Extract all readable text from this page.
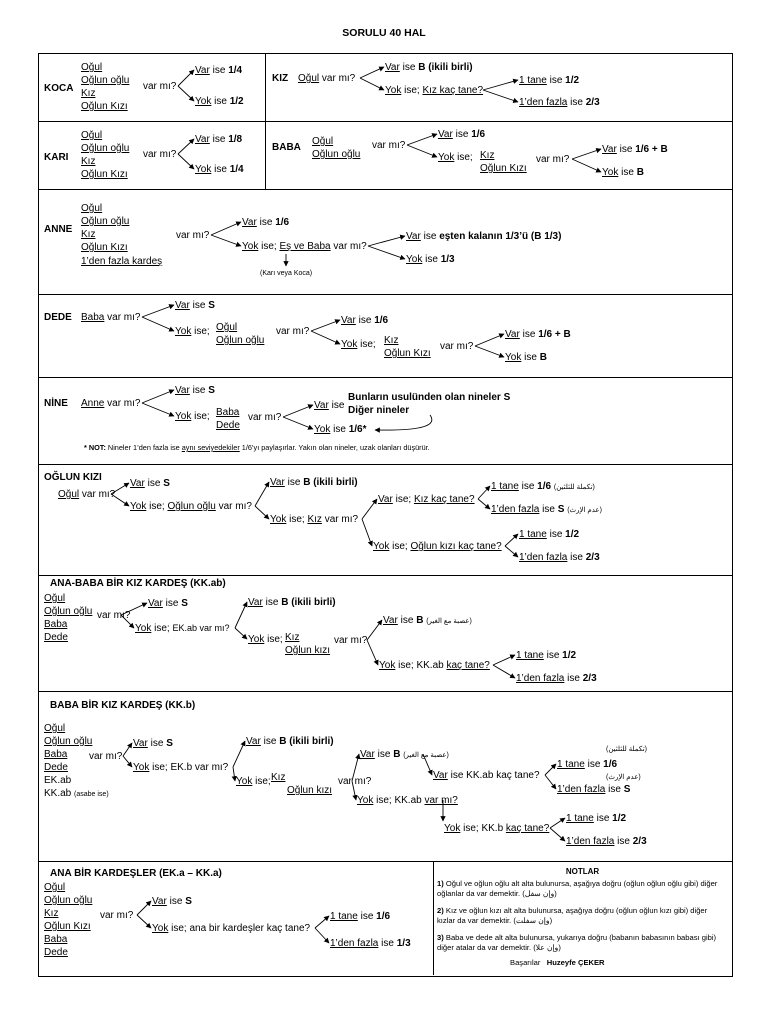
SORULU 40 HAL
KOCA
Oğul
Oğlun oğlu
Kız
Oğlun Kızı
var mı?
Var ise 1/4
Yok ise 1/2
KIZ Oğul var mı?
Var ise B (ikili birli)
Yok ise; Kız kaç tane?
1 tane ise 1/2
1’den fazla ise 2/3
KARI
Oğul
Oğlun oğlu
Kız
Oğlun Kızı
var mı?
Var ise 1/8
Yok ise 1/4
BABA
Oğul
Oğlun oğlu
var mı?
Var ise 1/6
Yok ise; Kız
Oğlun Kızı
var mı?
Var ise 1/6 + B
Yok ise B
ANNE
Oğul
Oğlun oğlu
Kız
Oğlun Kızı
1’den fazla kardeş
var mı?
Var ise 1/6
Yok ise; Eş ve Baba var mı?
(Karı veya Koca)
Var ise eşten kalanın 1/3’ü (B 1/3)
Yok ise 1/3
DEDE Baba var mı?
Var ise S
Yok ise; Oğul
Oğlun oğlu
var mı?
Var ise 1/6
Yok ise; Kız
Oğlun Kızı
var mı?
Var ise 1/6 + B
Yok ise B
NİNE Anne var mı?
Var ise S
Yok ise; Baba
Dede
var mı?
Var ise
Bunların usulünden olan nineler S
Diğer nineler
Yok ise 1/6*
* NOT: Nineler 1’den fazla ise aynı seviyedekiler 1/6’yı paylaşırlar. Yakın olan nineler, uzak olanları düşürür.
OĞLUN KIZI
Oğul var mı?
Var ise S
Yok ise; Oğlun oğlu var mı?
Var ise B (ikili birli)
Yok ise; Kız var mı?
Var ise; Kız kaç tane?
1 tane ise 1/6 (تكملة للثلثين)
1’den fazla ise S (عدم الإرث)
Yok ise; Oğlun kızı kaç tane?
1 tane ise 1/2
1’den fazla ise 2/3
ANA-BABA BİR KIZ KARDEŞ (KK.ab)
Oğul
Oğlun oğlu
Baba
Dede
var mı?
Var ise S
Yok ise; EK.ab var mı?
Var ise B (ikili birli)
Yok ise; Kız
Oğlun kızı
var mı?
Var ise B (عصبة مع الغير)
Yok ise; KK.ab kaç tane?
1 tane ise 1/2
1’den fazla ise 2/3
BABA BİR KIZ KARDEŞ (KK.b)
Oğul
Oğlun oğlu
Baba
Dede
EK.ab
KK.ab (asabe ise)
var mı?
Var ise S
Yok ise; EK.b var mı?
Var ise B (ikili birli)
Yok ise; Kız
Oğlun kızı
var mı?
Var ise B (عصبة مع الغير)
Var ise KK.ab kaç tane?
(تكملة للثلثين)
1 tane ise 1/6
(عدم الإرث)
1’den fazla ise S
Yok ise; KK.ab var mı?
Yok ise; KK.b kaç tane?
1 tane ise 1/2
1’den fazla ise 2/3
ANA BİR KARDEŞLER (EK.a – KK.a)
Oğul
Oğlun oğlu
Kız
Oğlun Kızı
Baba
Dede
var mı?
Var ise S
Yok ise; ana bir kardeşler kaç tane?
1 tane ise 1/6
1’den fazla ise 1/3
NOTLAR
1) Oğul ve oğlun oğlu alt alta bulunursa, aşağıya doğru (oğlun oğlun oğlu gibi) diğer oğlanlar da var demektir. (وإن سفل)
2) Kız ve oğlun kızı alt alta bulunursa, aşağıya doğru (oğlun oğlun kızı gibi) diğer kızlar da var demektir. (وإن سفلت)
3) Baba ve dede alt alta bulunursa, yukarıya doğru (babanın babasının babası gibi) diğer atalar da var demektir. (وإن علا)
Başarılar Huzeyfe ÇEKER
